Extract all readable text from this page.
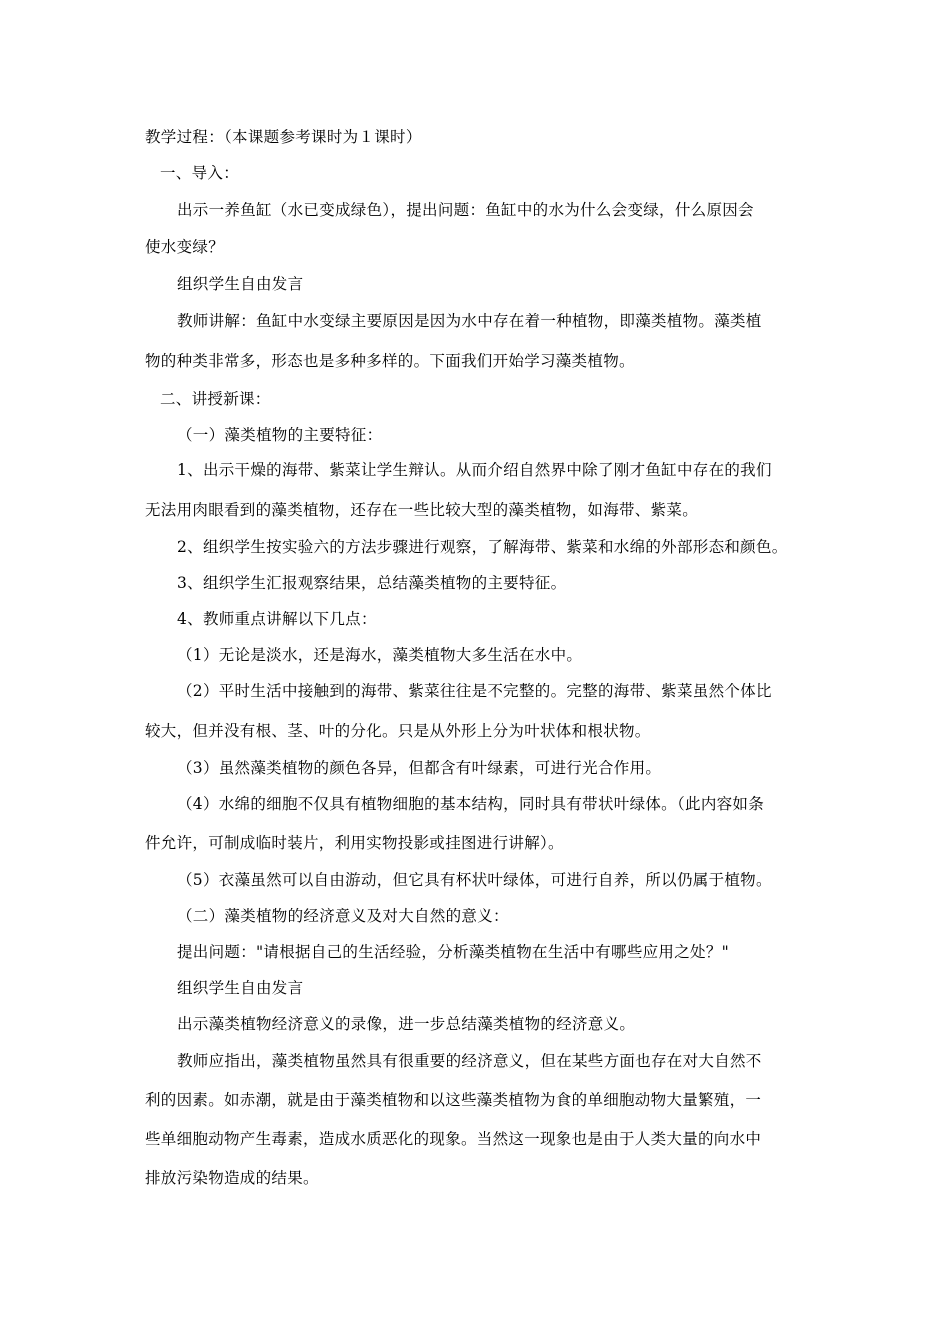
教学过程：（本课题参考课时为１课时）
一、导入：
出示一养鱼缸（水已变成绿色），提出问题：鱼缸中的水为什么会变绿，什么原因会
使水变绿？
组织学生自由发言
教师讲解：鱼缸中水变绿主要原因是因为水中存在着一种植物，即藻类植物。藻类植
物的种类非常多，形态也是多种多样的。下面我们开始学习藻类植物。
二、讲授新课：
（一）藻类植物的主要特征：
1、出示干燥的海带、紫菜让学生辩认。从而介绍自然界中除了刚才鱼缸中存在的我们
无法用肉眼看到的藻类植物，还存在一些比较大型的藻类植物，如海带、紫菜。
2、组织学生按实验六的方法步骤进行观察，了解海带、紫菜和水绵的外部形态和颜色。
3、组织学生汇报观察结果，总结藻类植物的主要特征。
4、教师重点讲解以下几点：
（1）无论是淡水，还是海水，藻类植物大多生活在水中。
（2）平时生活中接触到的海带、紫菜往往是不完整的。完整的海带、紫菜虽然个体比
较大，但并没有根、茎、叶的分化。只是从外形上分为叶状体和根状物。
（3）虽然藻类植物的颜色各异，但都含有叶绿素，可进行光合作用。
（4）水绵的细胞不仅具有植物细胞的基本结构，同时具有带状叶绿体。（此内容如条
件允许，可制成临时装片，利用实物投影或挂图进行讲解）。
（5）衣藻虽然可以自由游动，但它具有杯状叶绿体，可进行自养，所以仍属于植物。
（二）藻类植物的经济意义及对大自然的意义：
提出问题："请根据自己的生活经验，分析藻类植物在生活中有哪些应用之处？"
组织学生自由发言
出示藻类植物经济意义的录像，进一步总结藻类植物的经济意义。
教师应指出，藻类植物虽然具有很重要的经济意义，但在某些方面也存在对大自然不
利的因素。如赤潮，就是由于藻类植物和以这些藻类植物为食的单细胞动物大量繁殖，一
些单细胞动物产生毒素，造成水质恶化的现象。当然这一现象也是由于人类大量的向水中
排放污染物造成的结果。
